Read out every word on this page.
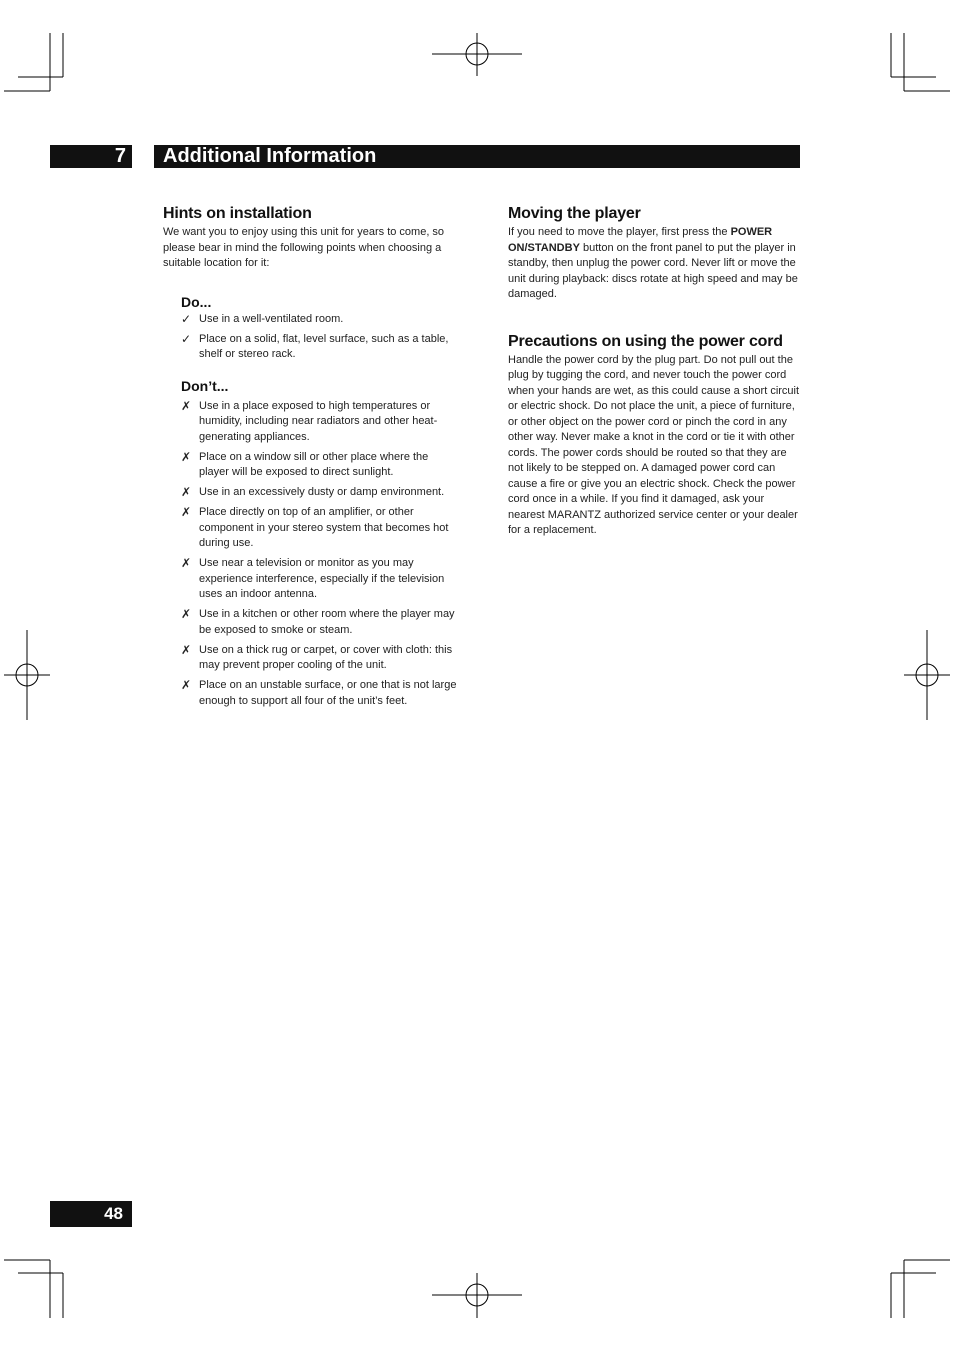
7	Additional Information
Hints on installation

We want you to enjoy using this unit for years to come, so please bear in mind the following points when choosing a suitable location for it:

Do...
✓ Use in a well-ventilated room.
✓ Place on a solid, flat, level surface, such as a table, shelf or stereo rack.
Don’t...
✗ Use in a place exposed to high temperatures or humidity, including near radiators and other heat-generating appliances.
✗ Place on a window sill or other place where the player will be exposed to direct sunlight.
✗ Use in an excessively dusty or damp environment.
✗ Place directly on top of an amplifier, or other component in your stereo system that becomes hot during use.
✗ Use near a television or monitor as you may experience interference, especially if the television uses an indoor antenna.
✗ Use in a kitchen or other room where the player may be exposed to smoke or steam.
✗ Use on a thick rug or carpet, or cover with cloth: this may prevent proper cooling of the unit.
✗ Place on an unstable surface, or one that is not large enough to support all four of the unit’s feet.
Moving the player

If you need to move the player, first press the POWER ON/STANDBY button on the front panel to put the player in standby, then unplug the power cord. Never lift or move the unit during playback: discs rotate at high speed and may be damaged.

Precautions on using the power cord

Handle the power cord by the plug part. Do not pull out the plug by tugging the cord, and never touch the power cord when your hands are wet, as this could cause a short circuit or electric shock. Do not place the unit, a piece of furniture, or other object on the power cord or pinch the cord in any other way. Never make a knot in the cord or tie it with other cords. The power cords should be routed so that they are not likely to be stepped on. A damaged power cord can cause a fire or give you an electric shock. Check the power cord once in a while. If you find it damaged, ask your nearest MARANTZ authorized service center or your dealer for a replacement.

48
